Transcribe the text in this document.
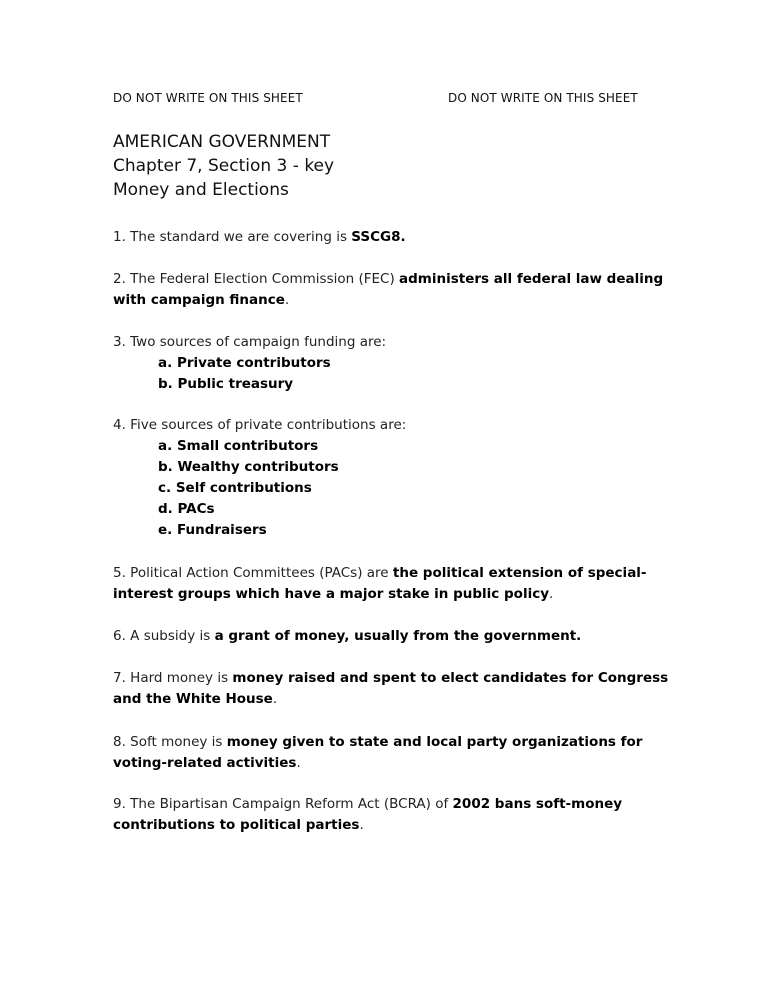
DO NOT WRITE ON THIS SHEET	DO NOT WRITE ON THIS SHEET
AMERICAN GOVERNMENT
Chapter 7, Section 3 - key
Money and Elections
1. The standard we are covering is SSCG8.
2. The Federal Election Commission (FEC) administers all federal law dealing with campaign finance.
3. Two sources of campaign funding are:
a. Private contributors
b. Public treasury
4. Five sources of private contributions are:
a. Small contributors
b. Wealthy contributors
c. Self contributions
d. PACs
e. Fundraisers
5. Political Action Committees (PACs) are the political extension of special-interest groups which have a major stake in public policy.
6. A subsidy is a grant of money, usually from the government.
7. Hard money is money raised and spent to elect candidates for Congress and the White House.
8. Soft money is money given to state and local party organizations for voting-related activities.
9. The Bipartisan Campaign Reform Act (BCRA) of 2002 bans soft-money contributions to political parties.
